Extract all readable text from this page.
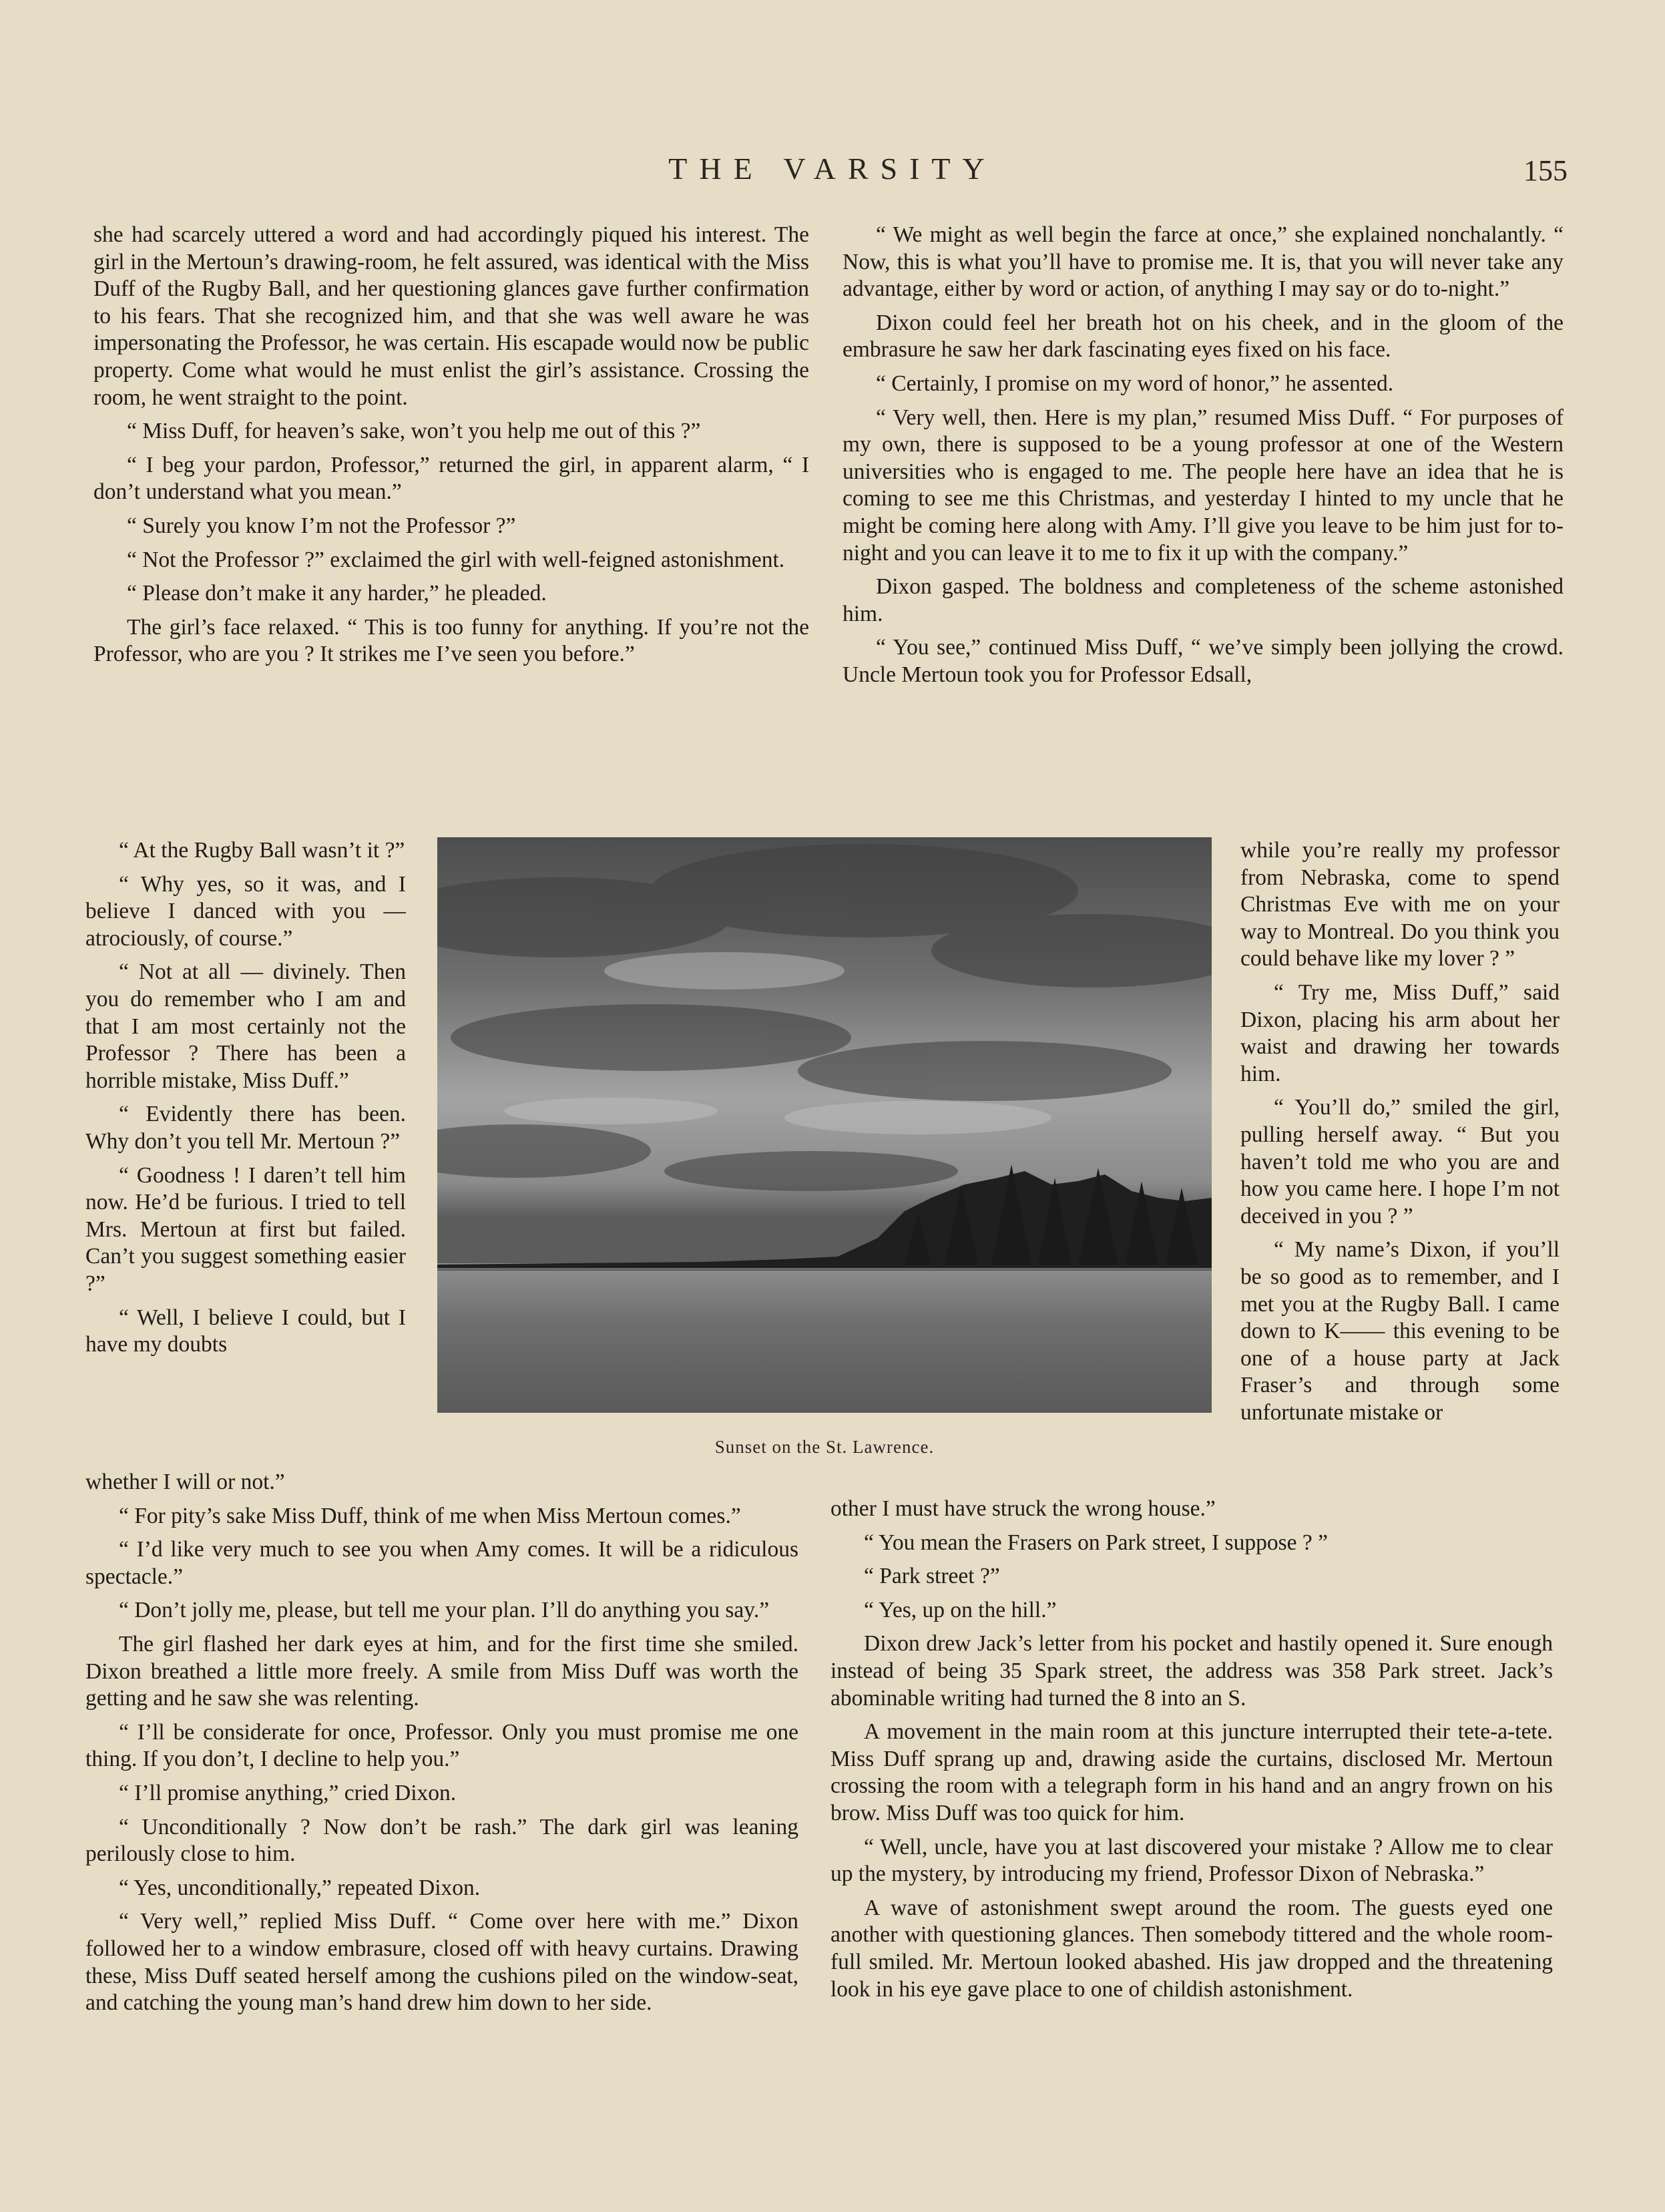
THE VARSITY	155

she had scarcely uttered a word and had accordingly piqued his interest. The girl in the Mertoun’s drawing-room, he felt assured, was identical with the Miss Duff of the Rugby Ball, and her questioning glances gave further confirmation to his fears. That she recognized him, and that she was well aware he was impersonating the Professor, he was certain. His escapade would now be public property. Come what would he must enlist the girl’s assistance. Crossing the room, he went straight to the point.

“ Miss Duff, for heaven’s sake, won’t you help me out of this ?”

“ I beg your pardon, Professor,” returned the girl, in apparent alarm, “ I don’t understand what you mean.”

“ Surely you know I’m not the Professor ?”

“ Not the Professor ?” exclaimed the girl with well-feigned astonishment.

“ Please don’t make it any harder,” he pleaded.

The girl’s face relaxed. “ This is too funny for anything. If you’re not the Professor, who are you ? It strikes me I’ve seen you before.”

“ At the Rugby Ball wasn’t it ?”

“ Why yes, so it was, and I believe I danced with you —atrociously, of course.”

“ Not at all — divinely. Then you do remember who I am and that I am most certainly not the Professor ? There has been a horrible mistake, Miss Duff.”

“ Evidently there has been. Why don’t you tell Mr. Mertoun ?”

“ Goodness ! I daren’t tell him now. He’d be furious. I tried to tell Mrs. Mertoun at first but failed. Can’t you suggest something easier ?”

“ Well, I believe I could, but I have my doubts

whether I will or not.”

“ For pity’s sake Miss Duff, think of me when Miss Mertoun comes.”

“ I’d like very much to see you when Amy comes. It will be a ridiculous spectacle.”

“ Don’t jolly me, please, but tell me your plan. I’ll do anything you say.”

The girl flashed her dark eyes at him, and for the first time she smiled. Dixon breathed a little more freely. A smile from Miss Duff was worth the getting and he saw she was relenting.

“ I’ll be considerate for once, Professor. Only you must promise me one thing. If you don’t, I decline to help you.”

“ I’ll promise anything,” cried Dixon.

“ Unconditionally ? Now don’t be rash.” The dark girl was leaning perilously close to him.

“ Yes, unconditionally,” repeated Dixon.

“ Very well,” replied Miss Duff. “ Come over here with me.” Dixon followed her to a window embrasure, closed off with heavy curtains. Drawing these, Miss Duff seated herself among the cushions piled on the window-seat, and catching the young man’s hand drew him down to her side.

“ We might as well begin the farce at once,” she explained nonchalantly. “ Now, this is what you’ll have to promise me. It is, that you will never take any advantage, either by word or action, of anything I may say or do to-night.”

Dixon could feel her breath hot on his cheek, and in the gloom of the embrasure he saw her dark fascinating eyes fixed on his face.

“ Certainly, I promise on my word of honor,” he assented.

“ Very well, then. Here is my plan,” resumed Miss Duff. “ For purposes of my own, there is supposed to be a young professor at one of the Western universities who is engaged to me. The people here have an idea that he is coming to see me this Christmas, and yesterday I hinted to my uncle that he might be coming here along with Amy. I’ll give you leave to be him just for to-night and you can leave it to me to fix it up with the company.”

Dixon gasped. The boldness and completeness of the scheme astonished him.

“ You see,” continued Miss Duff, “ we’ve simply been jollying the crowd. Uncle Mertoun took you for Professor Edsall,

while you’re really my professor from Nebraska, come to spend Christmas Eve with me on your way to Montreal. Do you think you could behave like my lover ? ”

“ Try me, Miss Duff,” said Dixon, placing his arm about her waist and drawing her towards him.

“ You’ll do,” smiled the girl, pulling herself away. “ But you haven’t told me who you are and how you came here. I hope I’m not deceived in you ? ”

“ My name’s Dixon, if you’ll be so good as to remember, and I met you at the Rugby Ball. I came down to K—— this evening to be one of a house party at Jack Fraser’s and through some unfortunate mistake or

other I must have struck the wrong house.”

“ You mean the Frasers on Park street, I suppose ? ”

“ Park street ?”

“ Yes, up on the hill.”

Dixon drew Jack’s letter from his pocket and hastily opened it. Sure enough instead of being 35 Spark street, the address was 358 Park street. Jack’s abominable writing had turned the 8 into an S.

A movement in the main room at this juncture interrupted their tete-a-tete. Miss Duff sprang up and, drawing aside the curtains, disclosed Mr. Mertoun crossing the room with a telegraph form in his hand and an angry frown on his brow. Miss Duff was too quick for him.

“ Well, uncle, have you at last discovered your mistake ? Allow me to clear up the mystery, by introducing my friend, Professor Dixon of Nebraska.”

A wave of astonishment swept around the room. The guests eyed one another with questioning glances. Then somebody tittered and the whole room-full smiled. Mr. Mertoun looked abashed. His jaw dropped and the threatening look in his eye gave place to one of childish astonishment.

Sunset on the St. Lawrence.
